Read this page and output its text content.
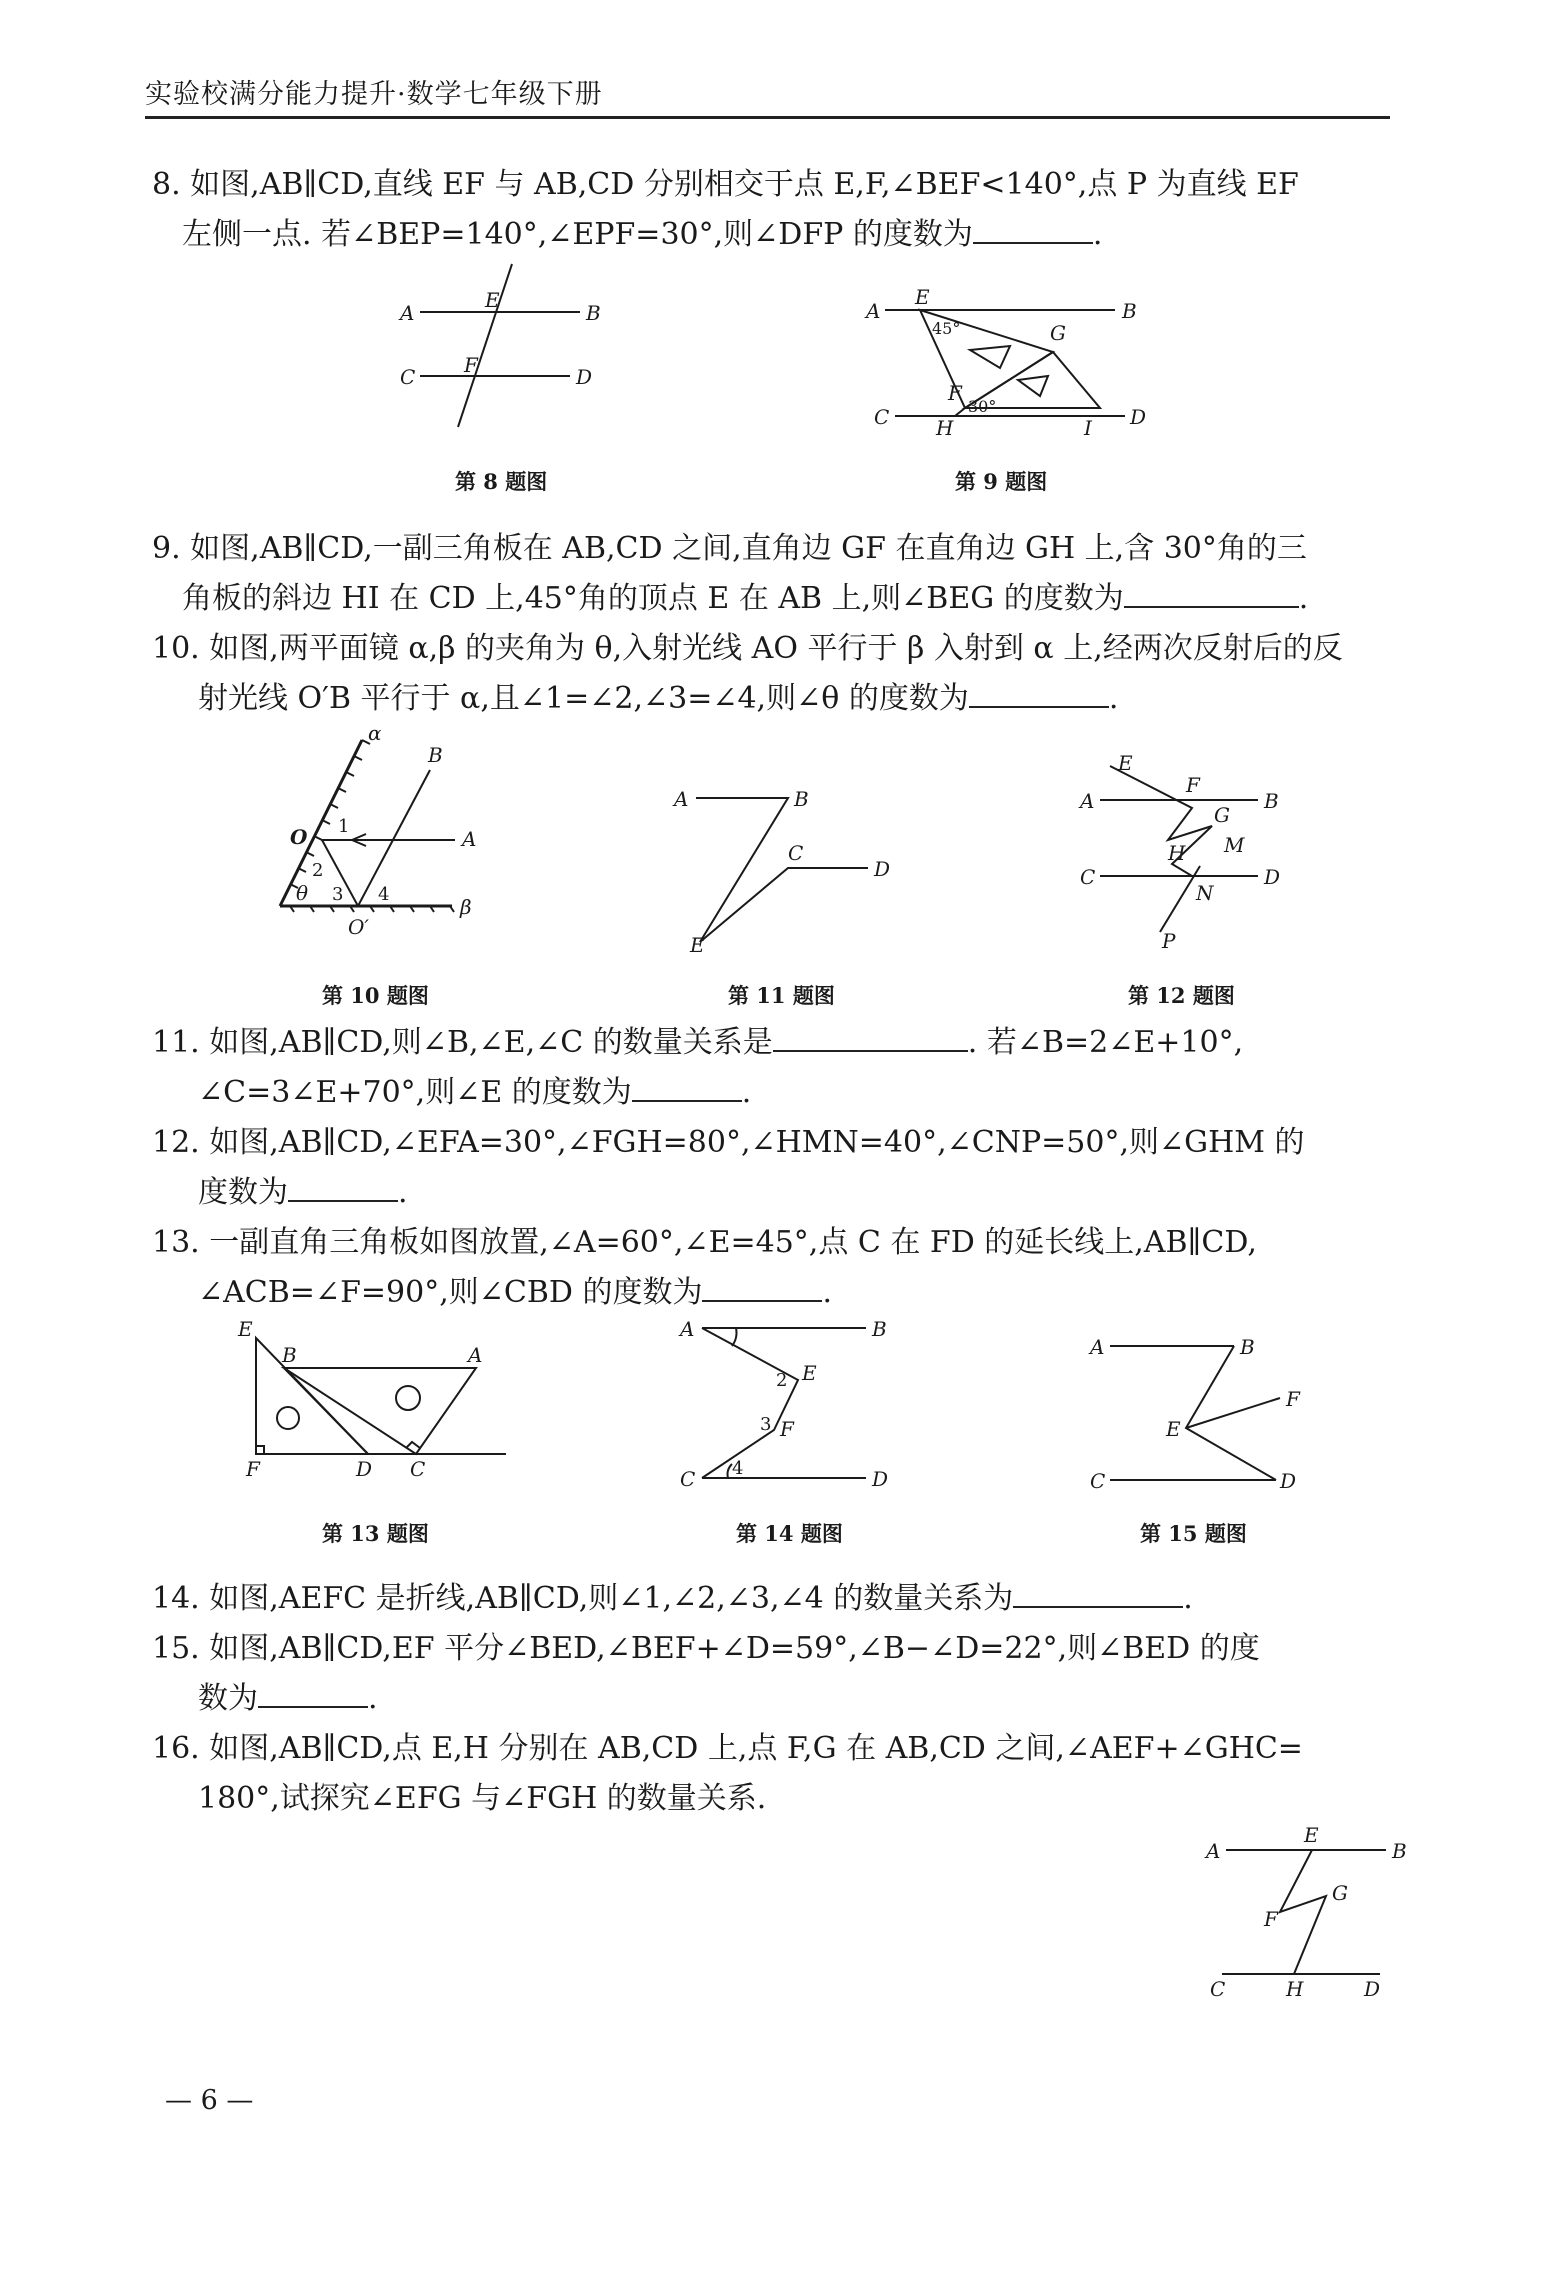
实验校满分能力提升·数学七年级下册
8. 如图,AB∥CD,直线 EF 与 AB,CD 分别相交于点 E,F,∠BEF<140°,点 P 为直线 EF
左侧一点. 若∠BEP=140°,∠EPF=30°,则∠DFP 的度数为	.
A	B
C	D
E
F
第 8 题图
A	B
C	D
E
F
G
H	I
45°
30°
第 9 题图
9. 如图,AB∥CD,一副三角板在 AB,CD 之间,直角边 GF 在直角边 GH 上,含 30°角的三
角板的斜边 HI 在 CD 上,45°角的顶点 E 在 AB 上,则∠BEG 的度数为	.
10. 如图,两平面镜 α,β 的夹角为 θ,入射光线 AO 平行于 β 入射到 α 上,经两次反射后的反
射光线 O′B 平行于 α,且∠1=∠2,∠3=∠4,则∠θ 的度数为	.
α
β
O
O′
A
B
1
2
3 4
θ
第 10 题图
A	B
C
D
E
第 11 题图
A	B
C	D
E
F
G
H M
N
P
第 12 题图
11. 如图,AB∥CD,则∠B,∠E,∠C 的数量关系是	. 若∠B=2∠E+10°,
∠C=3∠E+70°,则∠E 的度数为	.
12. 如图,AB∥CD,∠EFA=30°,∠FGH=80°,∠HMN=40°,∠CNP=50°,则∠GHM 的
度数为	.
13. 一副直角三角板如图放置,∠A=60°,∠E=45°,点 C 在 FD 的延长线上,AB∥CD,
∠ACB=∠F=90°,则∠CBD 的度数为	.
E
B	A
F	D C
第 13 题图
A	B
C	D
E
F
2
3
4
第 14 题图
A	B
C	D
E
F
第 15 题图
14. 如图,AEFC 是折线,AB∥CD,则∠1,∠2,∠3,∠4 的数量关系为	.
15. 如图,AB∥CD,EF 平分∠BED,∠BEF+∠D=59°,∠B−∠D=22°,则∠BED 的度
数为	.
16. 如图,AB∥CD,点 E,H 分别在 AB,CD 上,点 F,G 在 AB,CD 之间,∠AEF+∠GHC=
180°,试探究∠EFG 与∠FGH 的数量关系.
A	B
E
F
G
C	H	D
— 6 —
